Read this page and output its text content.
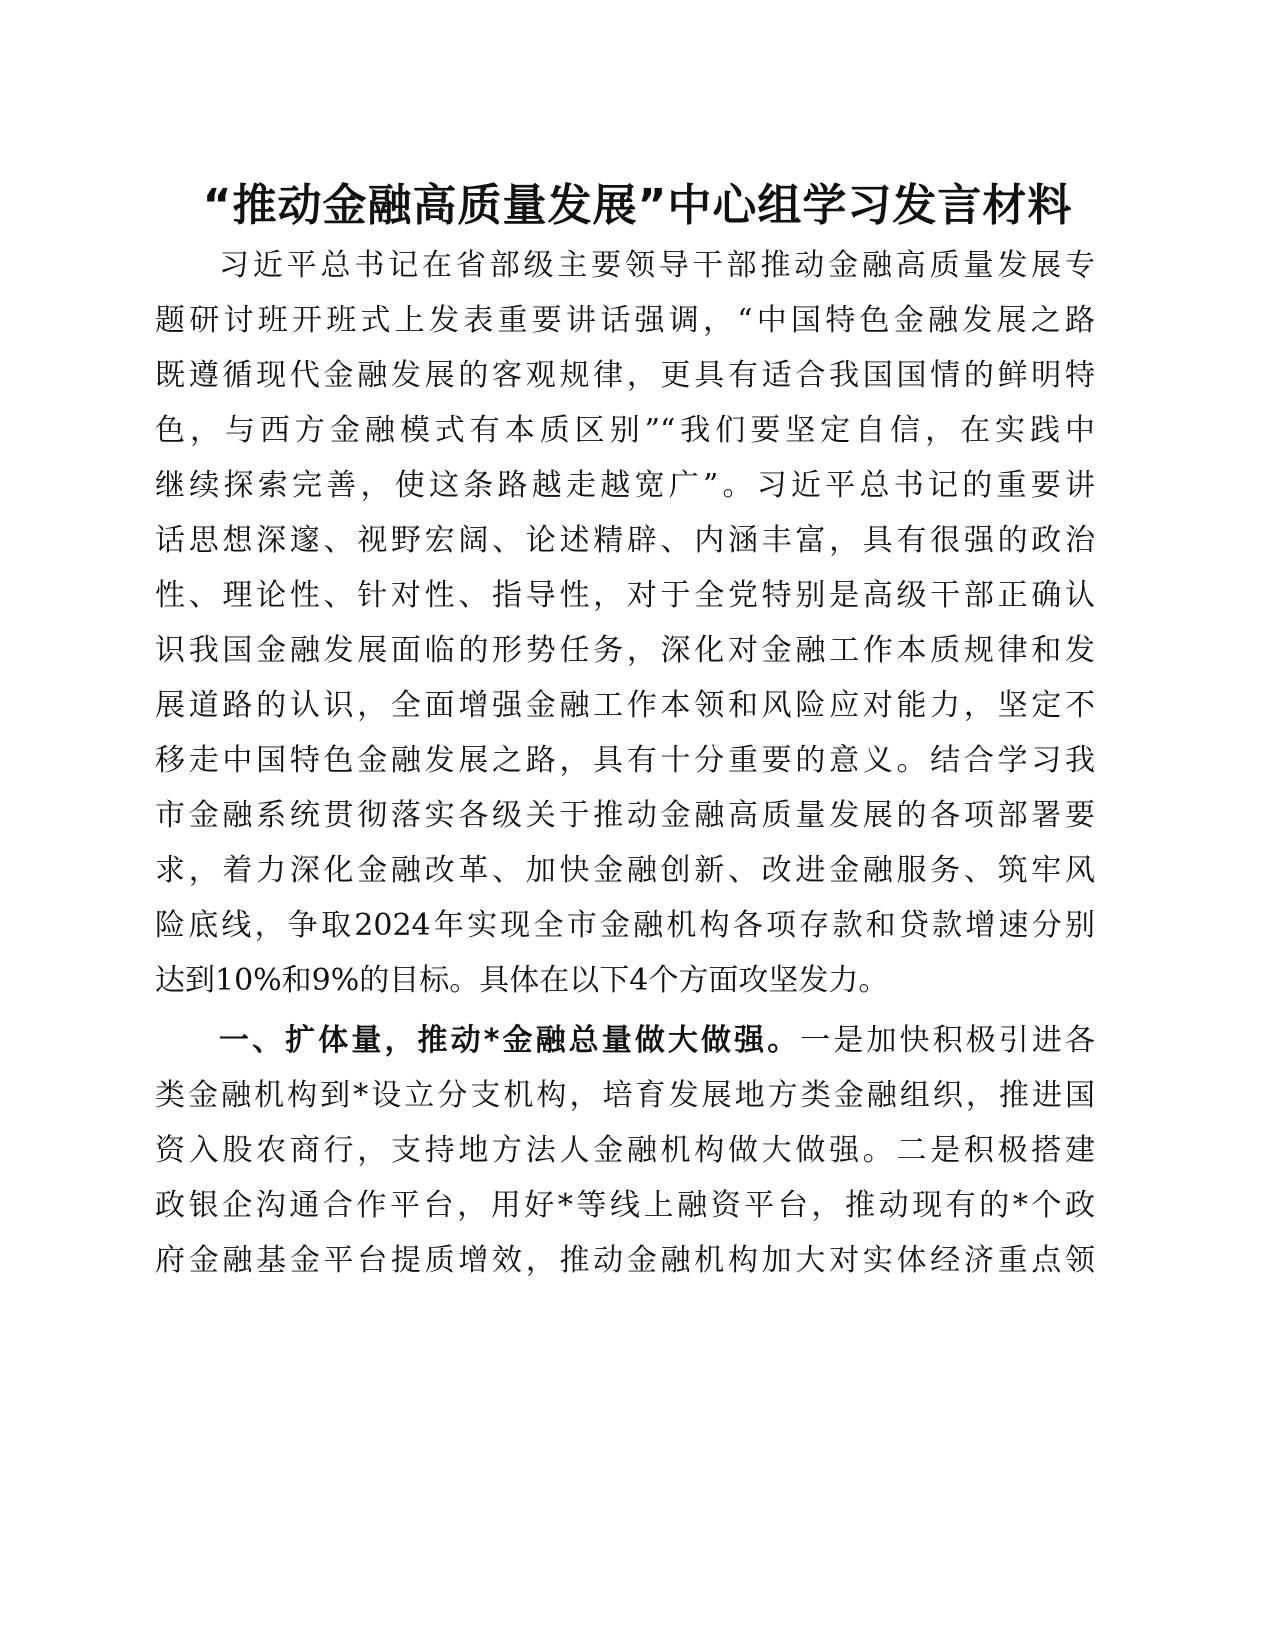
“推动金融高质量发展”中心组学习发言材料
习近平总书记在省部级主要领导干部推动金融高质量发展专
题研讨班开班式上发表重要讲话强调，“中国特色金融发展之路
既遵循现代金融发展的客观规律，更具有适合我国国情的鲜明特
色，与西方金融模式有本质区别”“我们要坚定自信，在实践中
继续探索完善，使这条路越走越宽广”。习近平总书记的重要讲
话思想深邃、视野宏阔、论述精辟、内涵丰富，具有很强的政治
性、理论性、针对性、指导性，对于全党特别是高级干部正确认
识我国金融发展面临的形势任务，深化对金融工作本质规律和发
展道路的认识，全面增强金融工作本领和风险应对能力，坚定不
移走中国特色金融发展之路，具有十分重要的意义。结合学习我
市金融系统贯彻落实各级关于推动金融高质量发展的各项部署要
求，着力深化金融改革、加快金融创新、改进金融服务、筑牢风
险底线，争取2024年实现全市金融机构各项存款和贷款增速分别
达到10%和9%的目标。具体在以下4个方面攻坚发力。
一、扩体量，推动*金融总量做大做强。一是加快积极引进各
类金融机构到*设立分支机构，培育发展地方类金融组织，推进国
资入股农商行，支持地方法人金融机构做大做强。二是积极搭建
政银企沟通合作平台，用好*等线上融资平台，推动现有的*个政
府金融基金平台提质增效，推动金融机构加大对实体经济重点领
